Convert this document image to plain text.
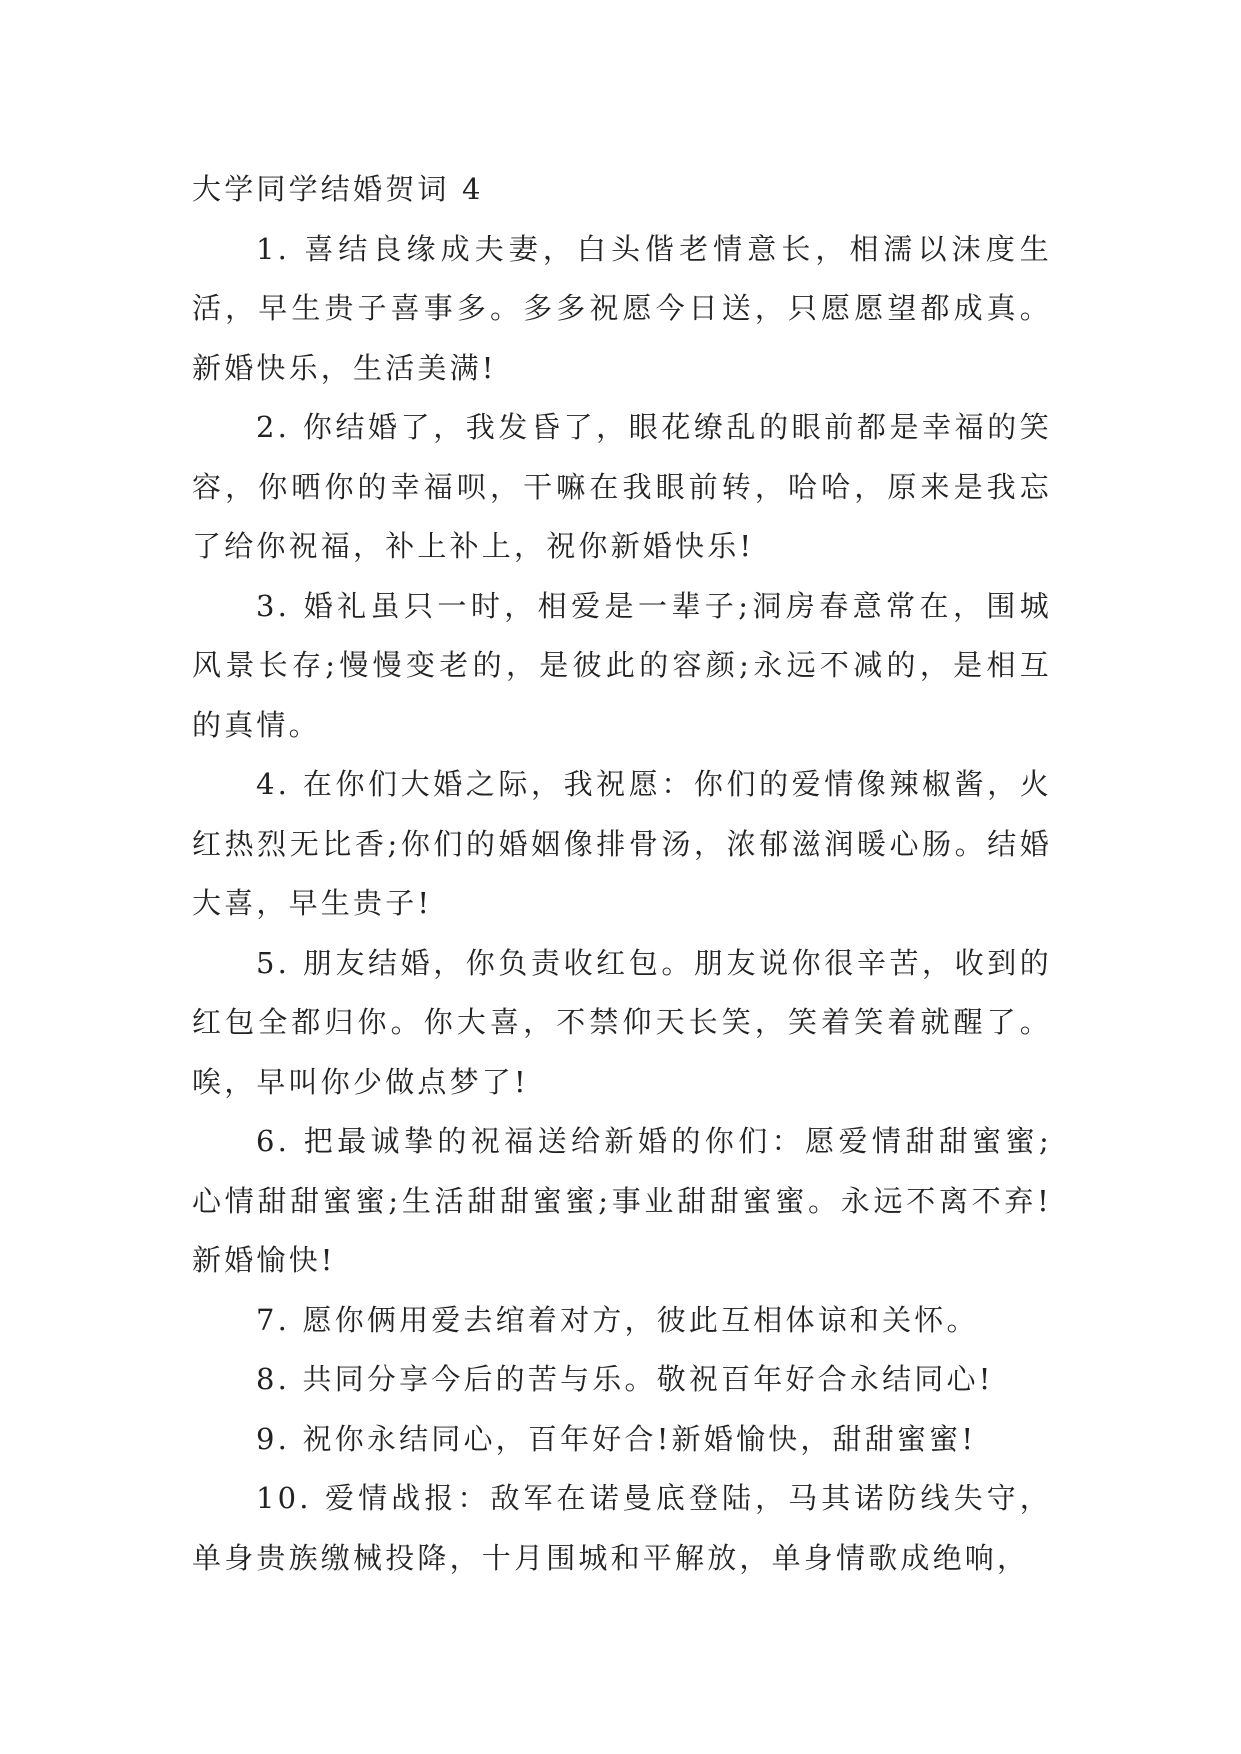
大学同学结婚贺词 4

1. 喜结良缘成夫妻，白头偕老情意长，相濡以沫度生活，早生贵子喜事多。多多祝愿今日送，只愿愿望都成真。新婚快乐，生活美满!

2. 你结婚了，我发昏了，眼花缭乱的眼前都是幸福的笑容，你晒你的幸福呗，干嘛在我眼前转，哈哈，原来是我忘了给你祝福，补上补上，祝你新婚快乐!

3. 婚礼虽只一时，相爱是一辈子;洞房春意常在，围城风景长存;慢慢变老的，是彼此的容颜;永远不减的，是相互的真情。

4. 在你们大婚之际，我祝愿：你们的爱情像辣椒酱，火红热烈无比香;你们的婚姻像排骨汤，浓郁滋润暖心肠。结婚大喜，早生贵子!

5. 朋友结婚，你负责收红包。朋友说你很辛苦，收到的红包全都归你。你大喜，不禁仰天长笑，笑着笑着就醒了。唉，早叫你少做点梦了!

6. 把最诚挚的祝福送给新婚的你们：愿爱情甜甜蜜蜜;心情甜甜蜜蜜;生活甜甜蜜蜜;事业甜甜蜜蜜。永远不离不弃!新婚愉快!

7. 愿你俩用爱去绾着对方，彼此互相体谅和关怀。

8. 共同分享今后的苦与乐。敬祝百年好合永结同心!

9. 祝你永结同心，百年好合!新婚愉快，甜甜蜜蜜!

10. 爱情战报：敌军在诺曼底登陆，马其诺防线失守，单身贵族缴械投降，十月围城和平解放，单身情歌成绝响，
